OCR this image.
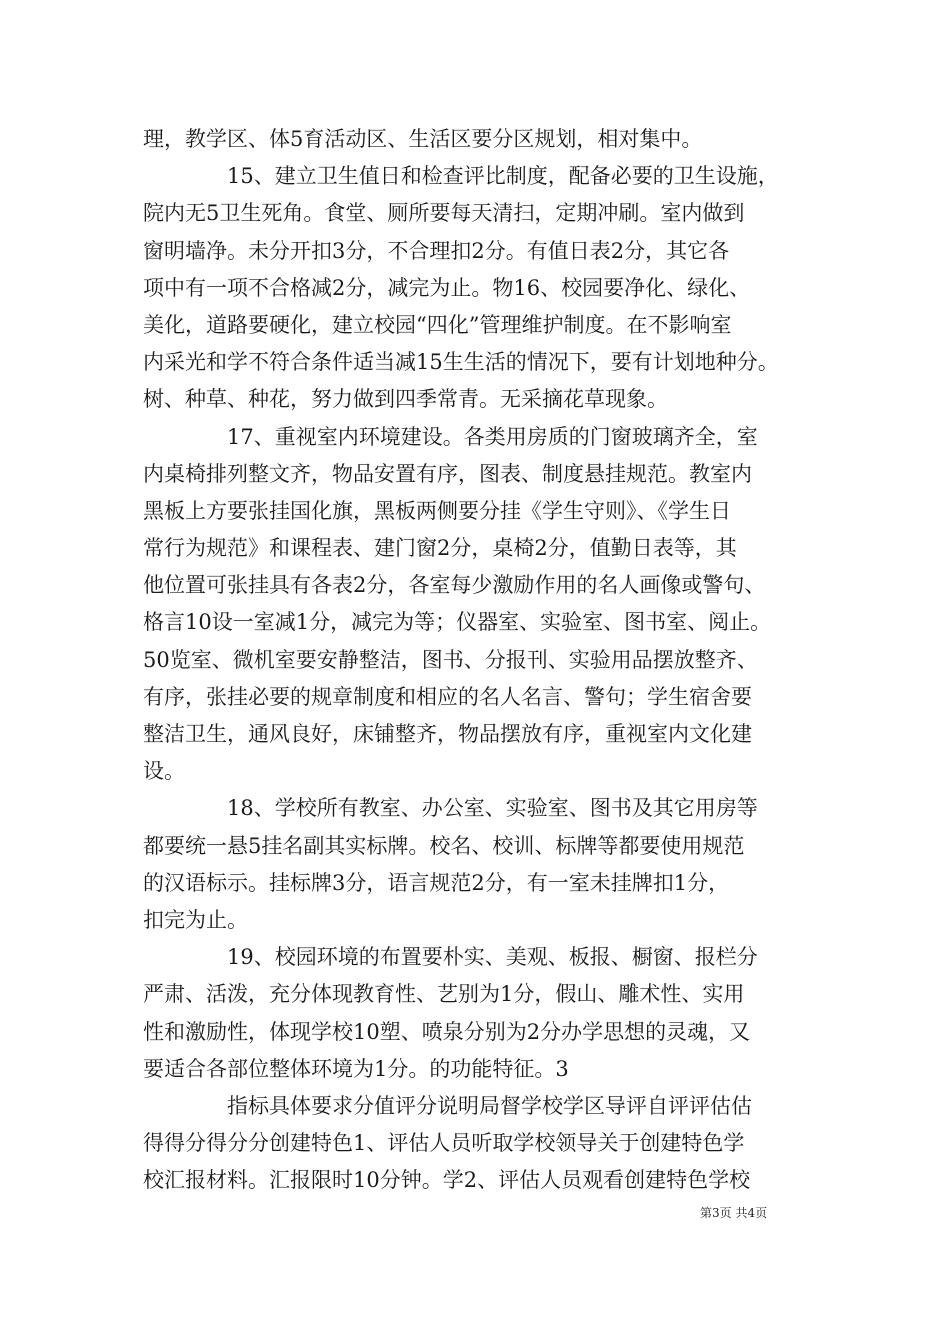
理，教学区、体5育活动区、生活区要分区规划，相对集中。
　　　　15、建立卫生值日和检查评比制度，配备必要的卫生设施，
院内无5卫生死角。食堂、厕所要每天清扫，定期冲刷。室内做到
窗明墙净。未分开扣3分，不合理扣2分。有值日表2分，其它各
项中有一项不合格减2分，减完为止。物16、校园要净化、绿化、
美化，道路要硬化，建立校园“四化”管理维护制度。在不影响室
内采光和学不符合条件适当减15生生活的情况下，要有计划地种分。
树、种草、种花，努力做到四季常青。无采摘花草现象。
　　　　17、重视室内环境建设。各类用房质的门窗玻璃齐全，室
内桌椅排列整文齐，物品安置有序，图表、制度悬挂规范。教室内
黑板上方要张挂国化旗，黑板两侧要分挂《学生守则》、《学生日
常行为规范》和课程表、建门窗2分，桌椅2分，值勤日表等，其
他位置可张挂具有各表2分，各室每少激励作用的名人画像或警句、
格言10设一室减1分，减完为等；仪器室、实验室、图书室、阅止。
50览室、微机室要安静整洁，图书、分报刊、实验用品摆放整齐、
有序，张挂必要的规章制度和相应的名人名言、警句；学生宿舍要
整洁卫生，通风良好，床铺整齐，物品摆放有序，重视室内文化建
设。
　　　　18、学校所有教室、办公室、实验室、图书及其它用房等
都要统一悬5挂名副其实标牌。校名、校训、标牌等都要使用规范
的汉语标示。挂标牌3分，语言规范2分，有一室未挂牌扣1分，
扣完为止。
　　　　19、校园环境的布置要朴实、美观、板报、橱窗、报栏分
严肃、活泼，充分体现教育性、艺别为1分，假山、雕术性、实用
性和激励性，体现学校10塑、喷泉分别为2分办学思想的灵魂，又
要适合各部位整体环境为1分。的功能特征。3
　　　　指标具体要求分值评分说明局督学校学区导评自评评估估
得得分得分分创建特色1、评估人员听取学校领导关于创建特色学
校汇报材料。汇报限时10分钟。学2、评估人员观看创建特色学校
第3页 共4页
